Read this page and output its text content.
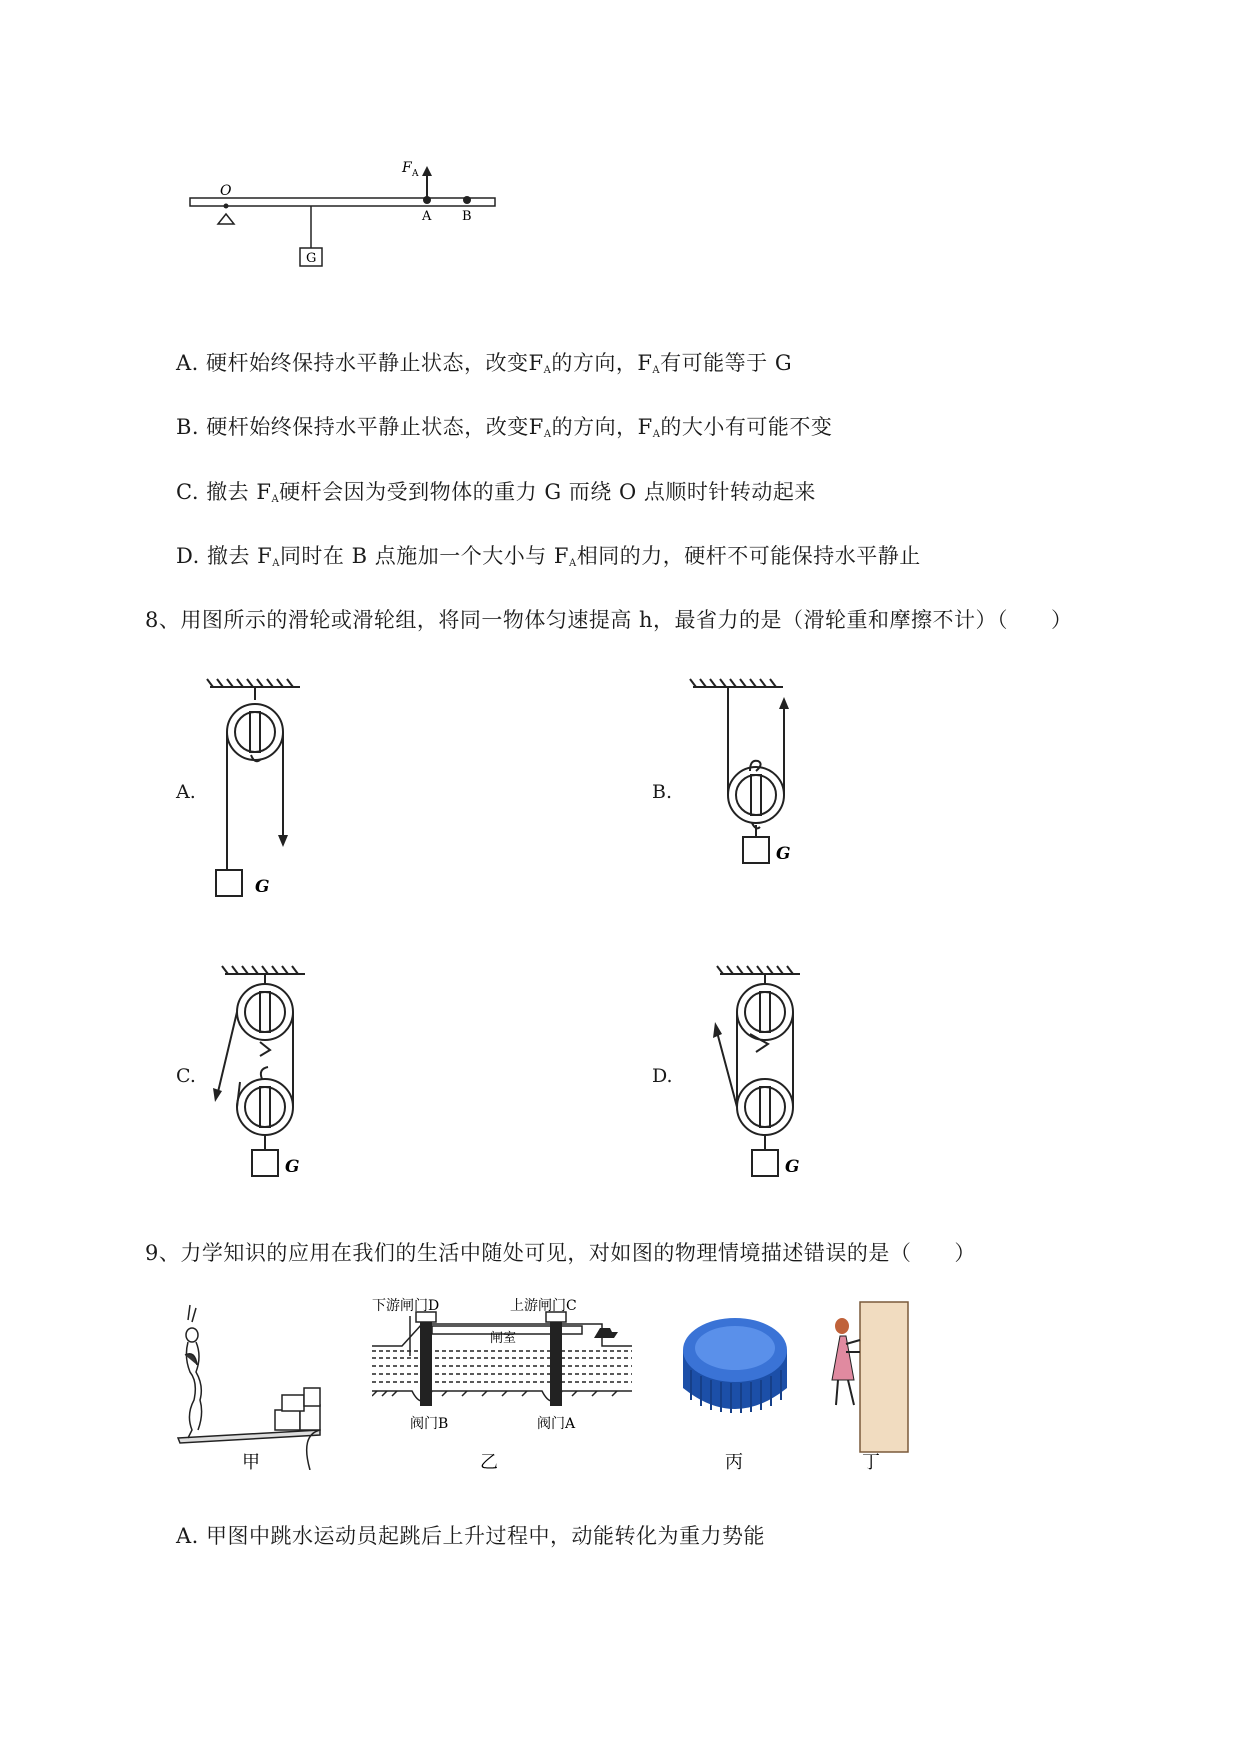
O
F A
A B
G
A. 硬杆始终保持水平静止状态，改变$F_A$的方向，$F_A$有可能等于 G
B. 硬杆始终保持水平静止状态，改变$F_A$的方向，$F_A$的大小有可能不变
C. 撤去 $F_A$硬杆会因为受到物体的重力 G 而绕 O 点顺时针转动起来
D. 撤去 $F_A$同时在 B 点施加一个大小与 $F_A$相同的力，硬杆不可能保持水平静止
8、用图所示的滑轮或滑轮组，将同一物体匀速提高 h，最省力的是（滑轮重和摩擦不计）（　　）
A.
G
B.
G
C.
G
D.
G
9、力学知识的应用在我们的生活中随处可见，对如图的物理情境描述错误的是（　　）
甲
下游闸门D	上游闸门C
闸室
阀门B	阀门A
乙	丙	丁
A. 甲图中跳水运动员起跳后上升过程中，动能转化为重力势能
